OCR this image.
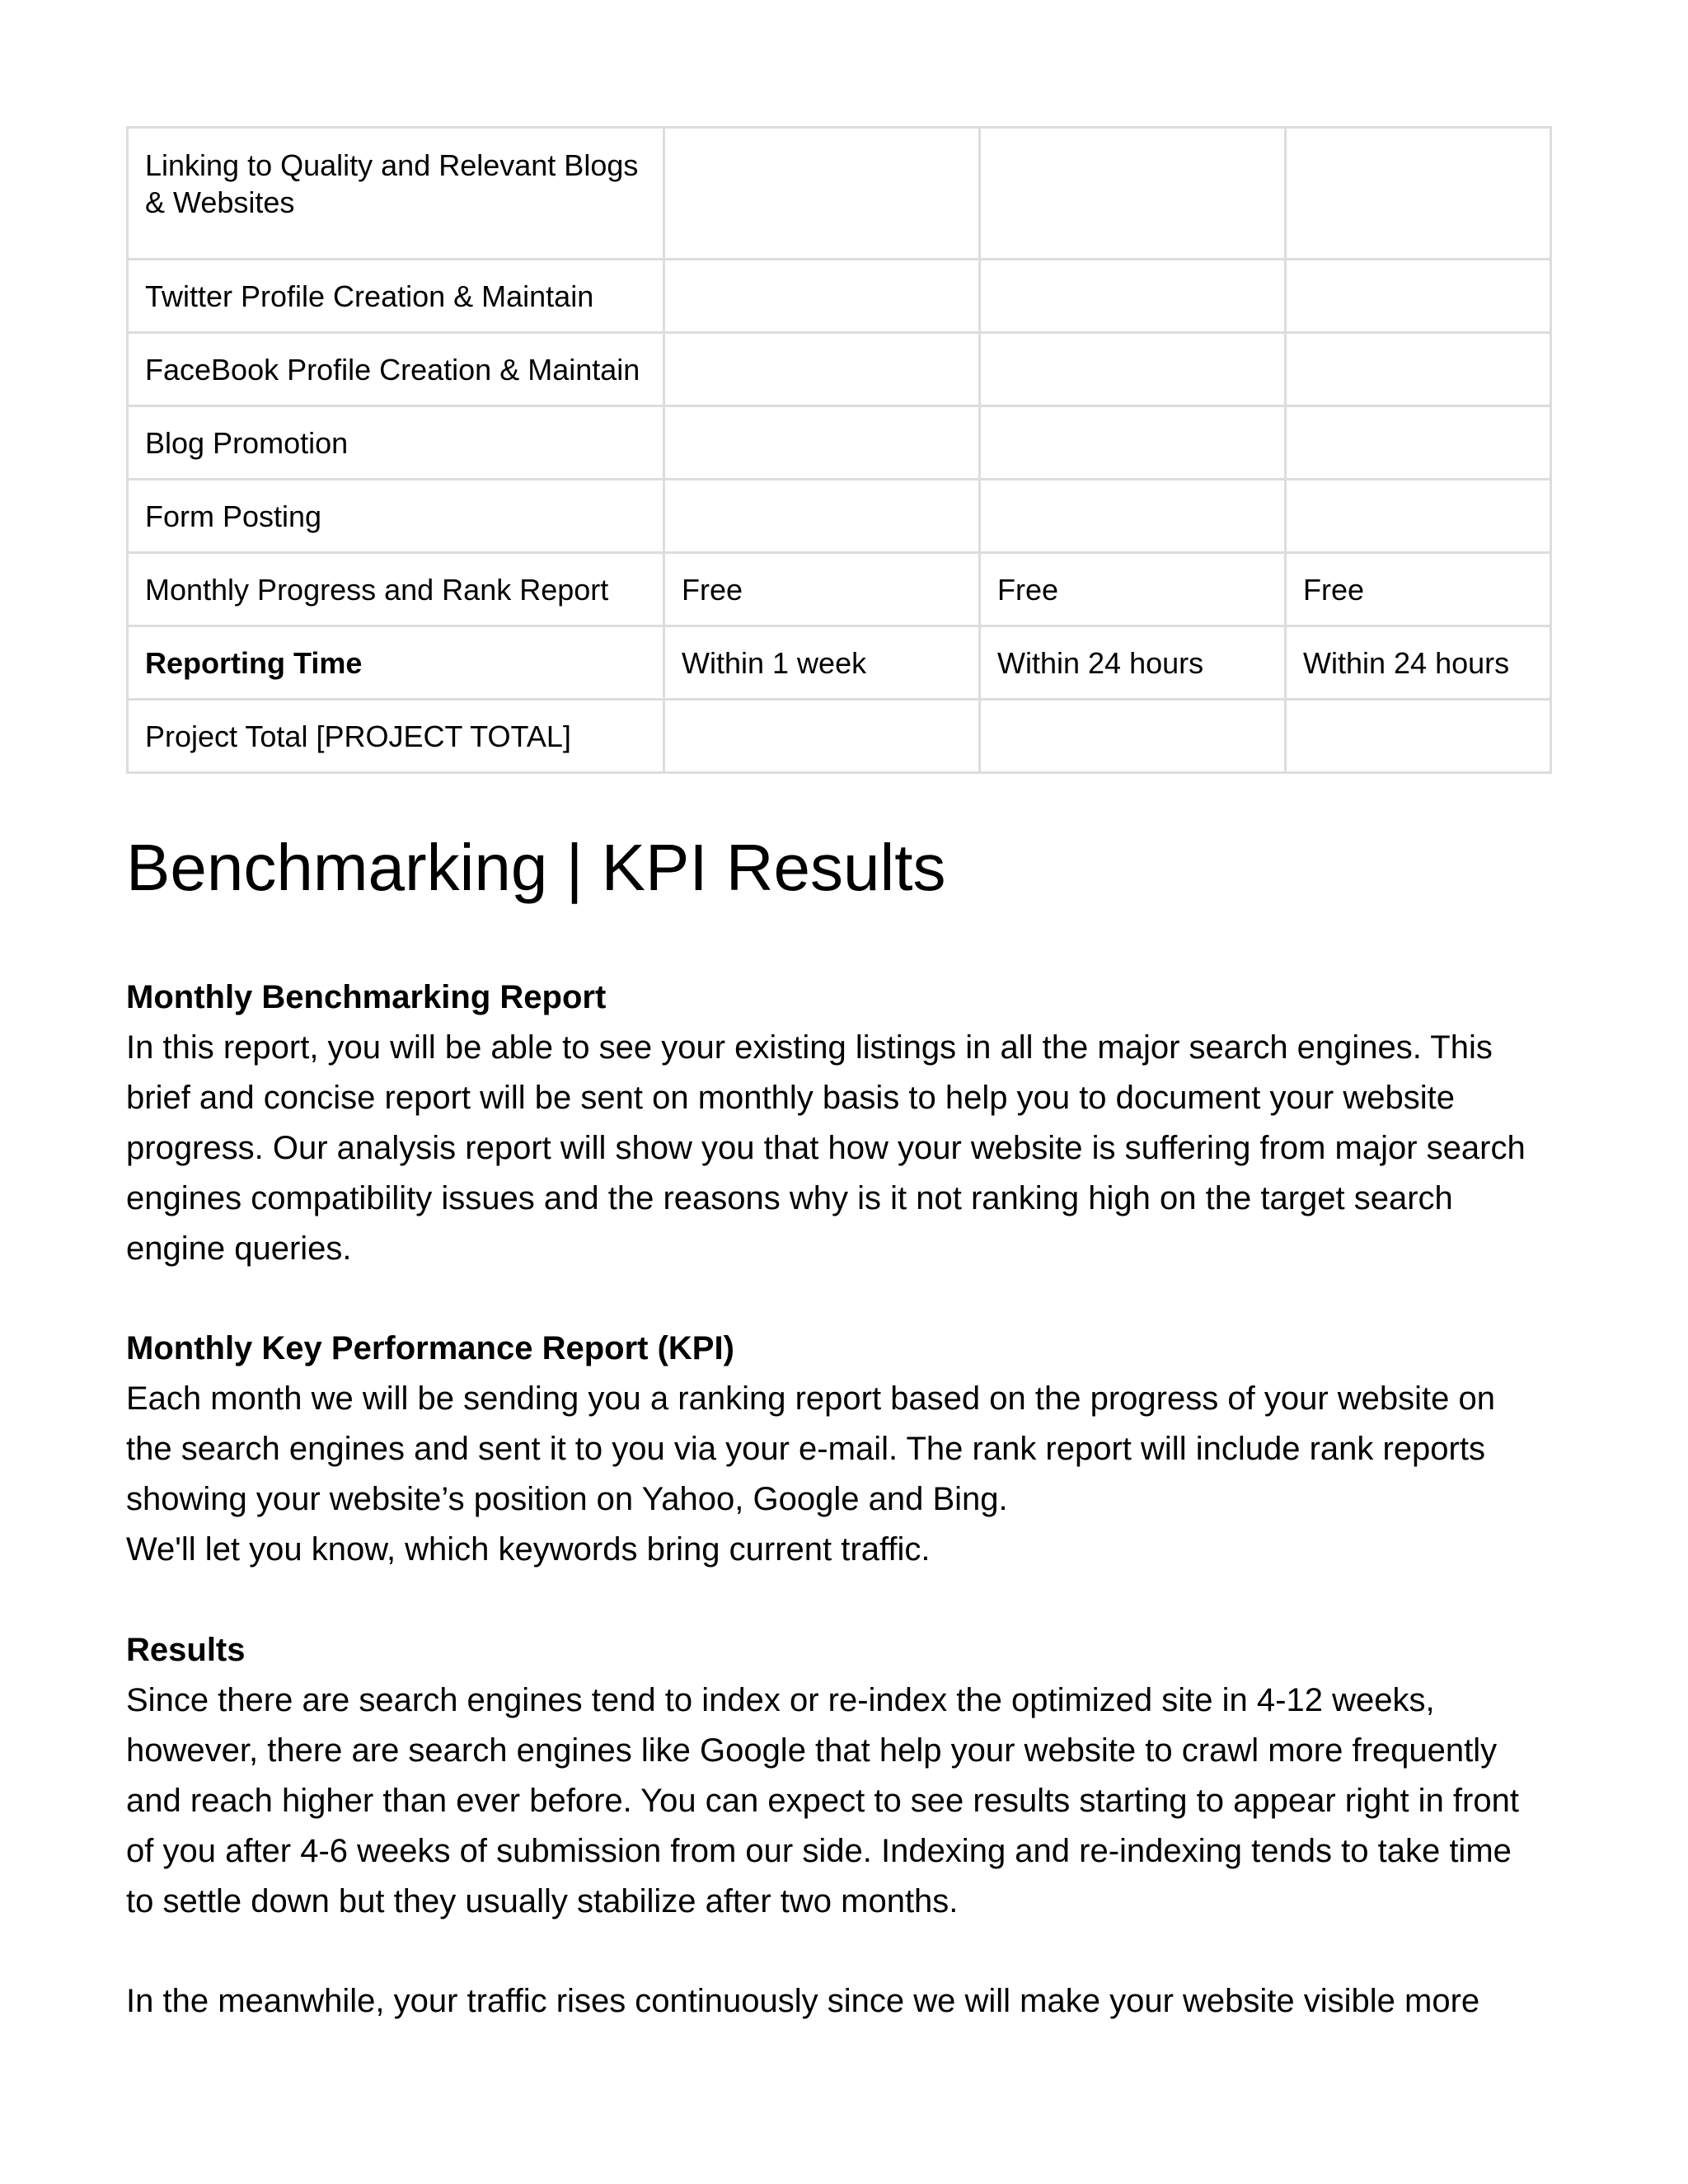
Linking to Quality and Relevant Blogs & Websites			
Twitter Profile Creation & Maintain			
FaceBook Profile Creation & Maintain			
Blog Promotion			
Form Posting			
Monthly Progress and Rank Report	Free	Free	Free
Reporting Time	Within 1 week	Within 24 hours	Within 24 hours
Project Total [PROJECT TOTAL]			
Benchmarking | KPI Results
Monthly Benchmarking Report

In this report, you will be able to see your existing listings in all the major search engines. This
brief and concise report will be sent on monthly basis to help you to document your website
progress. Our analysis report will show you that how your website is suffering from major search
engines compatibility issues and the reasons why is it not ranking high on the target search
engine queries.

Monthly Key Performance Report (KPI)

Each month we will be sending you a ranking report based on the progress of your website on
the search engines and sent it to you via your e-mail. The rank report will include rank reports
showing your website’s position on Yahoo, Google and Bing.
We'll let you know, which keywords bring current traffic.

Results

Since there are search engines tend to index or re-index the optimized site in 4-12 weeks,
however, there are search engines like Google that help your website to crawl more frequently
and reach higher than ever before. You can expect to see results starting to appear right in front
of you after 4-6 weeks of submission from our side. Indexing and re-indexing tends to take time
to settle down but they usually stabilize after two months.

In the meanwhile, your traffic rises continuously since we will make your website visible more
